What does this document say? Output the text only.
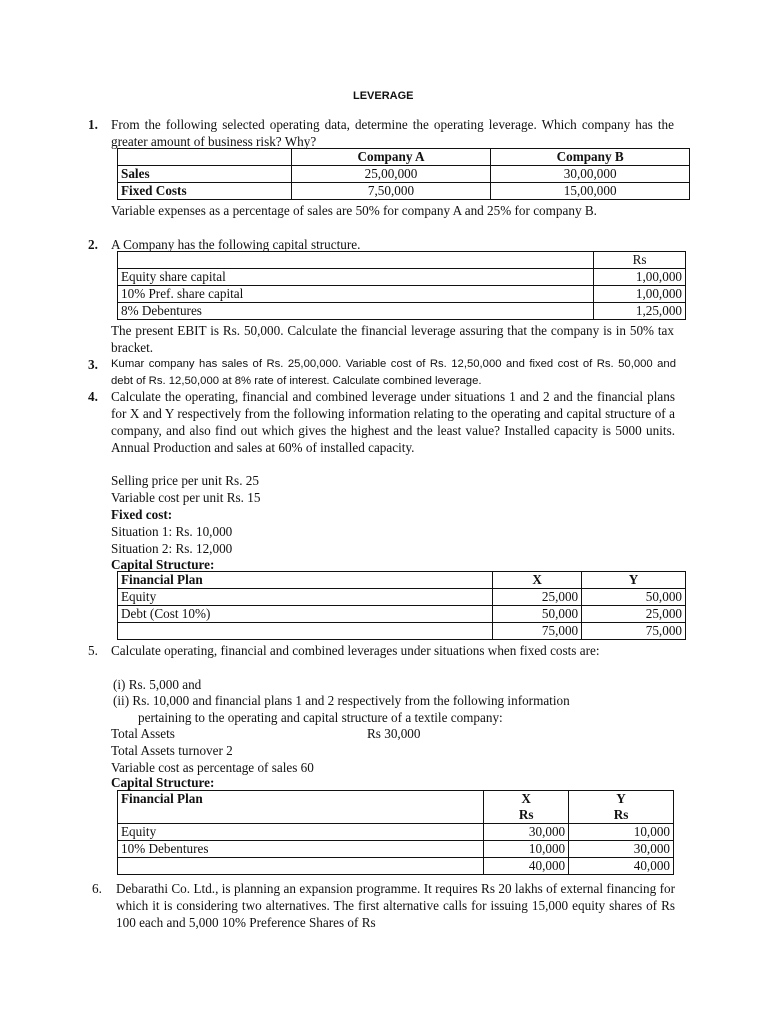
LEVERAGE
1. From the following selected operating data, determine the operating leverage. Which company has the greater amount of business risk? Why?
	Company A	Company B
Sales	25,00,000	30,00,000
Fixed Costs	7,50,000	15,00,000
Variable expenses as a percentage of sales are 50% for company A and 25% for company B.
2. A Company has the following capital structure.
	Rs
Equity share capital	1,00,000
10% Pref. share capital	1,00,000
8% Debentures	1,25,000
The present EBIT is Rs. 50,000. Calculate the financial leverage assuring that the company is in 50% tax bracket.
3. Kumar company has sales of Rs. 25,00,000. Variable cost of Rs. 12,50,000 and fixed cost of Rs. 50,000 and debt of Rs. 12,50,000 at 8% rate of interest. Calculate combined leverage.
4. Calculate the operating, financial and combined leverage under situations 1 and 2 and the financial plans for X and Y respectively from the following information relating to the operating and capital structure of a company, and also find out which gives the highest and the least value? Installed capacity is 5000 units. Annual Production and sales at 60% of installed capacity.
Selling price per unit Rs. 25
Variable cost per unit Rs. 15
Fixed cost:
Situation 1: Rs. 10,000
Situation 2: Rs. 12,000
Capital Structure:
Financial Plan	X	Y
Equity	25,000	50,000
Debt (Cost 10%)	50,000	25,000
	75,000	75,000
5. Calculate operating, financial and combined leverages under situations when fixed costs are:
(i) Rs. 5,000 and
(ii) Rs. 10,000 and financial plans 1 and 2 respectively from the following information
pertaining to the operating and capital structure of a textile company:
Total Assets	Rs 30,000
Total Assets turnover 2
Variable cost as percentage of sales 60
Capital Structure:
Financial Plan	X	Y
	Rs	Rs
Equity	30,000	10,000
10% Debentures	10,000	30,000
	40,000	40,000
6. Debarathi Co. Ltd., is planning an expansion programme. It requires Rs 20 lakhs of external financing for which it is considering two alternatives. The first alternative calls for issuing 15,000 equity shares of Rs 100 each and 5,000 10% Preference Shares of Rs
